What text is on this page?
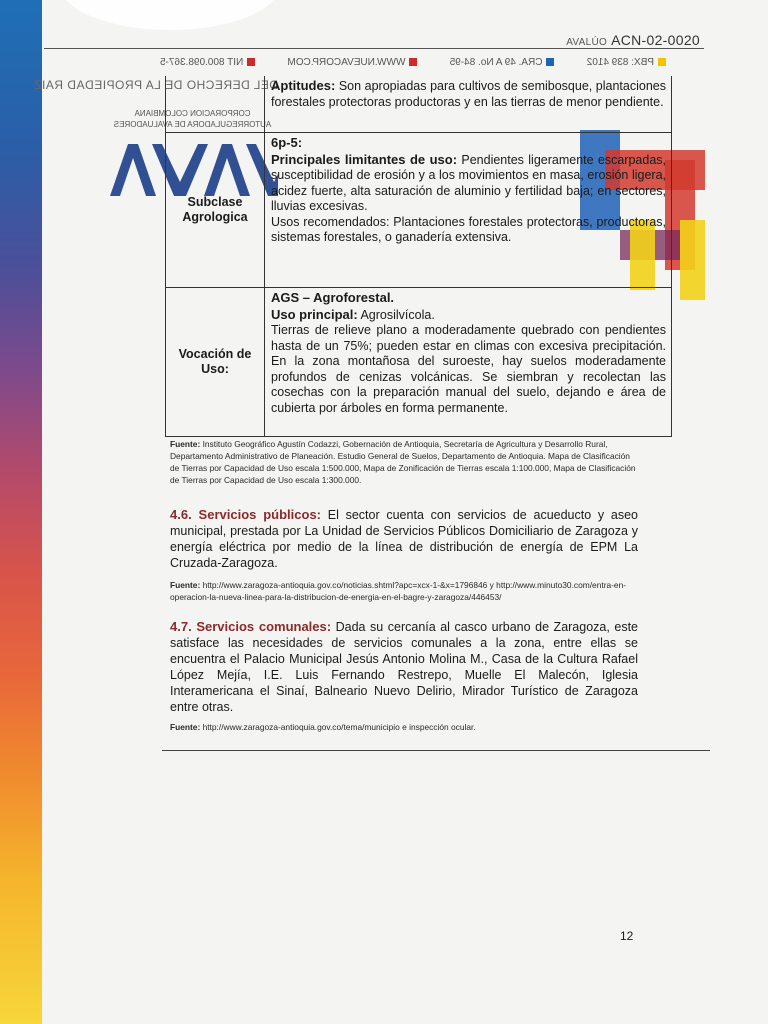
AVALÚO ACN-02-0020
PBX: 839 4102
CRA. 49 A No. 84-95
WWW.NUEVACORP.COM
NIT 800.098.367-5
DEL DERECHO DE LA PROPIEDAD RAIZ
CORPORACION COLOMBIANA
AUTORREGULADORA DE AVALUADORES
Aptitudes: Son apropiadas para cultivos de semibosque, plantaciones forestales protectoras productoras y en las tierras de menor pendiente.
Subclase Agrologica
6p-5:
Principales limitantes de uso: Pendientes ligeramente escarpadas, susceptibilidad de erosión y a los movimientos en masa, erosión ligera, acidez fuerte, alta saturación de aluminio y fertilidad baja; en sectores, lluvias excesivas.
Usos recomendados: Plantaciones forestales protectoras, productoras, sistemas forestales, o ganadería extensiva.
Vocación de Uso:
AGS – Agroforestal.
Uso principal: Agrosilvícola.
Tierras de relieve plano a moderadamente quebrado con pendientes hasta de un 75%; pueden estar en climas con excesiva precipitación. En la zona montañosa del suroeste, hay suelos moderadamente profundos de cenizas volcánicas. Se siembran y recolectan las cosechas con la preparación manual del suelo, dejando e área de cubierta por árboles en forma permanente.
Fuente: Instituto Geográfico Agustín Codazzi, Gobernación de Antioquia, Secretaría de Agricultura y Desarrollo Rural, Departamento Administrativo de Planeación. Estudio General de Suelos, Departamento de Antioquia. Mapa de Clasificación de Tierras por Capacidad de Uso escala 1:500.000, Mapa de Zonificación de Tierras escala 1:100.000, Mapa de Clasificación de Tierras por Capacidad de Uso escala 1:300.000.
4.6. Servicios públicos: El sector cuenta con servicios de acueducto y aseo municipal, prestada por La Unidad de Servicios Públicos Domiciliario de Zaragoza y energía eléctrica por medio de la línea de distribución de energía de EPM La Cruzada-Zaragoza.
Fuente: http://www.zaragoza-antioquia.gov.co/noticias.shtml?apc=xcx-1-&x=1796846 y http://www.minuto30.com/entra-en-operacion-la-nueva-linea-para-la-distribucion-de-energia-en-el-bagre-y-zaragoza/446453/
4.7. Servicios comunales: Dada su cercanía al casco urbano de Zaragoza, este satisface las necesidades de servicios comunales a la zona, entre ellas se encuentra el Palacio Municipal Jesús Antonio Molina M., Casa de la Cultura Rafael López Mejía, I.E. Luis Fernando Restrepo, Muelle El Malecón, Iglesia Interamericana el Sinaí, Balneario Nuevo Delirio, Mirador Turístico de Zaragoza entre otras.
Fuente: http://www.zaragoza-antioquia.gov.co/tema/municipio e inspección ocular.
12
